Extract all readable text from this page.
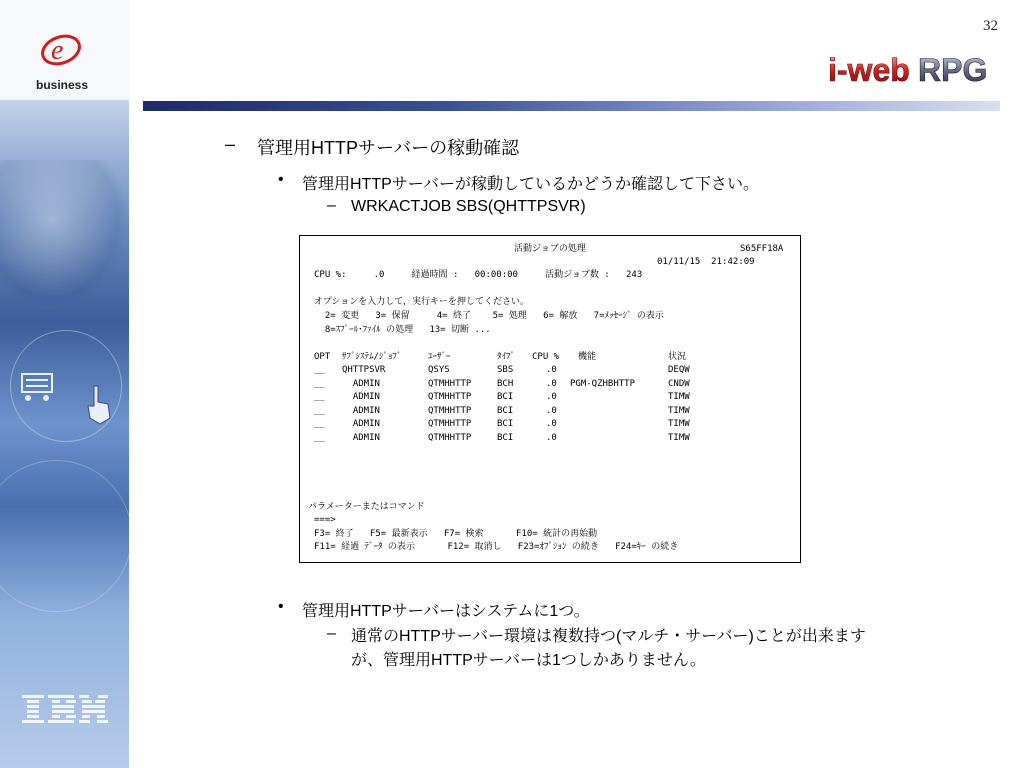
e
business
32
i-web RPG
– 管理用HTTPサーバーの稼動確認
• 管理用HTTPサーバーが稼動しているかどうか確認して下さい。
– WRKACTJOB SBS(QHTTPSVR)
活動ジョブの処理	S65FF18A
01/11/15  21:42:09
CPU %:     .0     経過時間 :   00:00:00     活動ジョブ数 :   243
オプションを入力して，実行キーを押してください。
2= 変更   3= 保留     4= 終了    5= 処理   6= 解放   7=ﾒｯｾｰｼﾞ の表示
8=ｽﾌﾟｰﾙ･ﾌｧｲﾙ の処理   13= 切断 ...
OPT ｻﾌﾞｼｽﾃﾑ/ｼﾞｮﾌﾞ	ﾕｰｻﾞｰ	ﾀｲﾌﾟ CPU % 機能	状況
__ QHTTPSVR	QSYS	SBS	.0	DEQW
__ ADMIN	QTMHHTTP	BCH	.0 PGM-QZHBHTTP	CNDW
__ ADMIN	QTMHHTTP	BCI	.0	TIMW
__ ADMIN	QTMHHTTP	BCI	.0	TIMW
__ ADMIN	QTMHHTTP	BCI	.0	TIMW
__ ADMIN	QTMHHTTP	BCI	.0	TIMW
パラメーターまたはコマンド
===>
F3= 終了   F5= 最新表示   F7= 検索      F10= 統計の再始動
F11= 経過 ﾃﾞｰﾀ の表示      F12= 取消し   F23=ｵﾌﾟｼｮﾝ の続き   F24=ｷｰ の続き
• 管理用HTTPサーバーはシステムに1つ。
– 通常のHTTPサーバー環境は複数持つ(マルチ・サーバー)ことが出来ます
が、管理用HTTPサーバーは1つしかありません。
